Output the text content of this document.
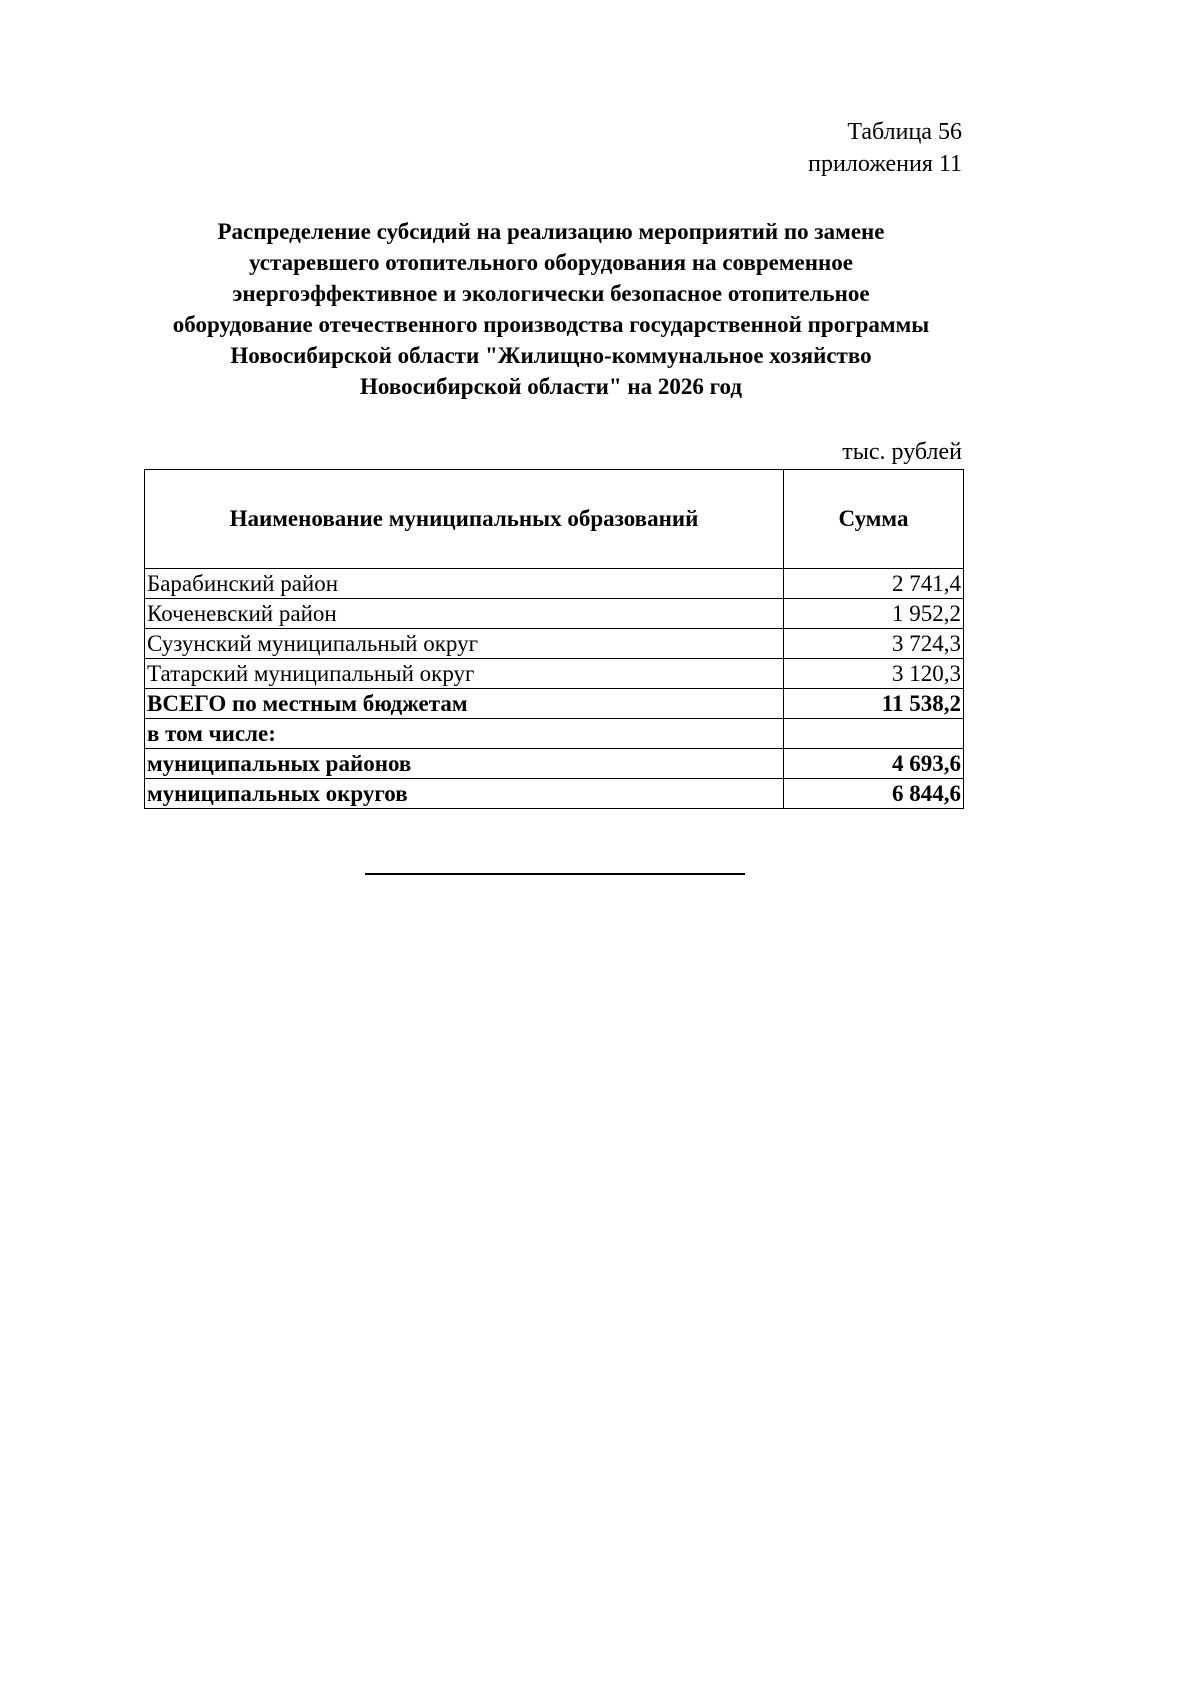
Таблица 56
приложения 11
Распределение субсидий на реализацию мероприятий по замене
устаревшего отопительного оборудования на современное
энергоэффективное и экологически безопасное отопительное
оборудование отечественного производства государственной программы
Новосибирской области "Жилищно-коммунальное хозяйство
Новосибирской области" на 2026 год
тыс. рублей
Наименование муниципальных образований	Сумма
Барабинский район	2 741,4
Коченевский район	1 952,2
Сузунский муниципальный округ	3 724,3
Татарский муниципальный округ	3 120,3
ВСЕГО по местным бюджетам	11 538,2
в том числе:	
муниципальных районов	4 693,6
муниципальных округов	6 844,6
